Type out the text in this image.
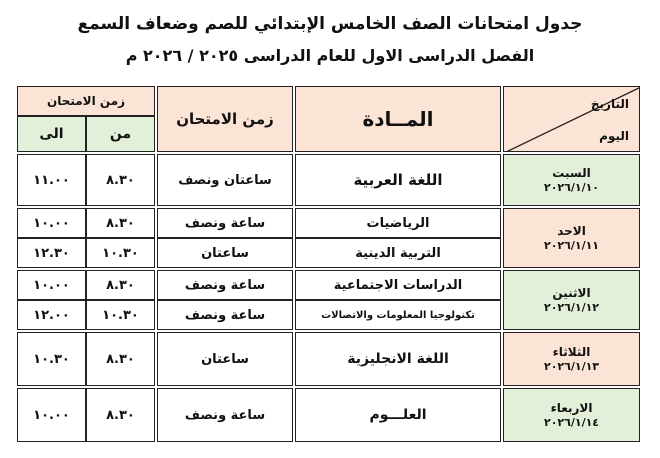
جدول امتحانات الصف الخامس الإبتدائي للصم وضعاف السمع
الفصل الدراسى الاول للعام الدراسى ٢٠٢٥ / ٢٠٢٦ م
التاريخ
اليوم
المــادة
زمن الامتحان
زمن الامتحان
من
الى
السبت
٢٠٢٦/١/١٠
الاحد
٢٠٢٦/١/١١
الاثنين
٢٠٢٦/١/١٢
الثلاثاء
٢٠٢٦/١/١٣
الاربعاء
٢٠٢٦/١/١٤
اللغة العربية
ساعتان ونصف
٨.٣٠
١١.٠٠
الرياضيات
التربية الدينية
ساعة ونصف
ساعتان
٨.٣٠
١٠.٣٠
١٠.٠٠
١٢.٣٠
الدراسات الاجتماعية
تكنولوجيا المعلومات والاتصالات
ساعة ونصف
ساعة ونصف
٨.٣٠
١٠.٣٠
١٠.٠٠
١٢.٠٠
اللغة الانجليزية
ساعتان
٨.٣٠
١٠.٣٠
العلـــوم
ساعة ونصف
٨.٣٠
١٠.٠٠
